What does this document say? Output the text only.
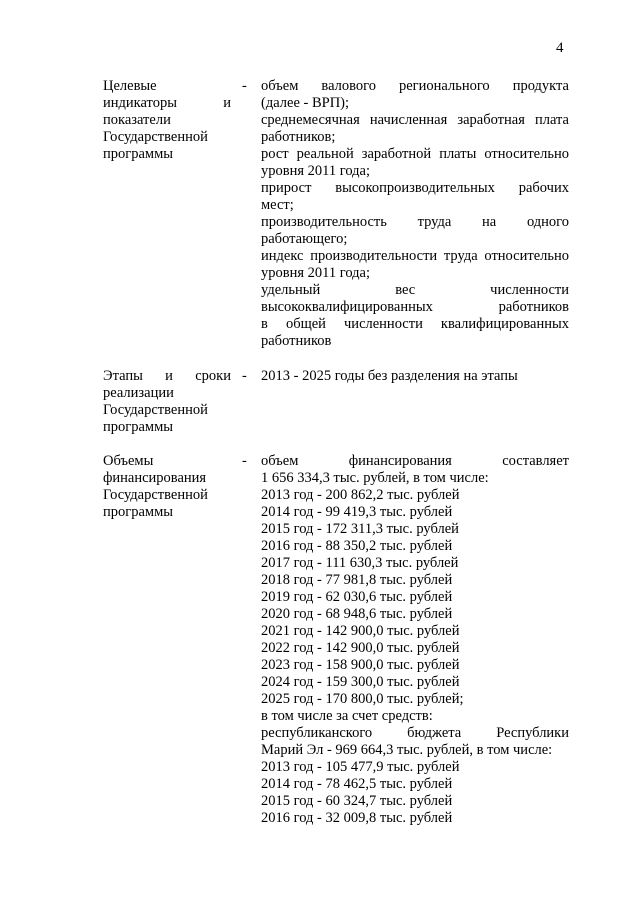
4
Целевые
индикаторы	и
показатели
Государственной
программы
- объем валового регионального продукта
(далее - ВРП);
среднемесячная начисленная заработная плата
работников;
рост реальной заработной платы относительно
уровня 2011 года;
прирост высокопроизводительных рабочих
мест;
производительность труда на одного
работающего;
индекс производительности труда относительно
уровня 2011 года;
удельный	вес	численности
высококвалифицированных	работников
в общей численности квалифицированных
работников
Этапы и сроки
реализации
Государственной
программы
- 2013 - 2025 годы без разделения на этапы
Объемы
финансирования
Государственной
программы
- объем	финансирования	составляет
1 656 334,3 тыс. рублей, в том числе:
2013 год - 200 862,2 тыс. рублей
2014 год - 99 419,3 тыс. рублей
2015 год - 172 311,3 тыс. рублей
2016 год - 88 350,2 тыс. рублей
2017 год - 111 630,3 тыс. рублей
2018 год - 77 981,8 тыс. рублей
2019 год - 62 030,6 тыс. рублей
2020 год - 68 948,6 тыс. рублей
2021 год - 142 900,0 тыс. рублей
2022 год - 142 900,0 тыс. рублей
2023 год - 158 900,0 тыс. рублей
2024 год - 159 300,0 тыс. рублей
2025 год - 170 800,0 тыс. рублей;
в том числе за счет средств:
республиканского бюджета Республики
Марий Эл - 969 664,3 тыс. рублей, в том числе:
2013 год - 105 477,9 тыс. рублей
2014 год - 78 462,5 тыс. рублей
2015 год - 60 324,7 тыс. рублей
2016 год - 32 009,8 тыс. рублей
